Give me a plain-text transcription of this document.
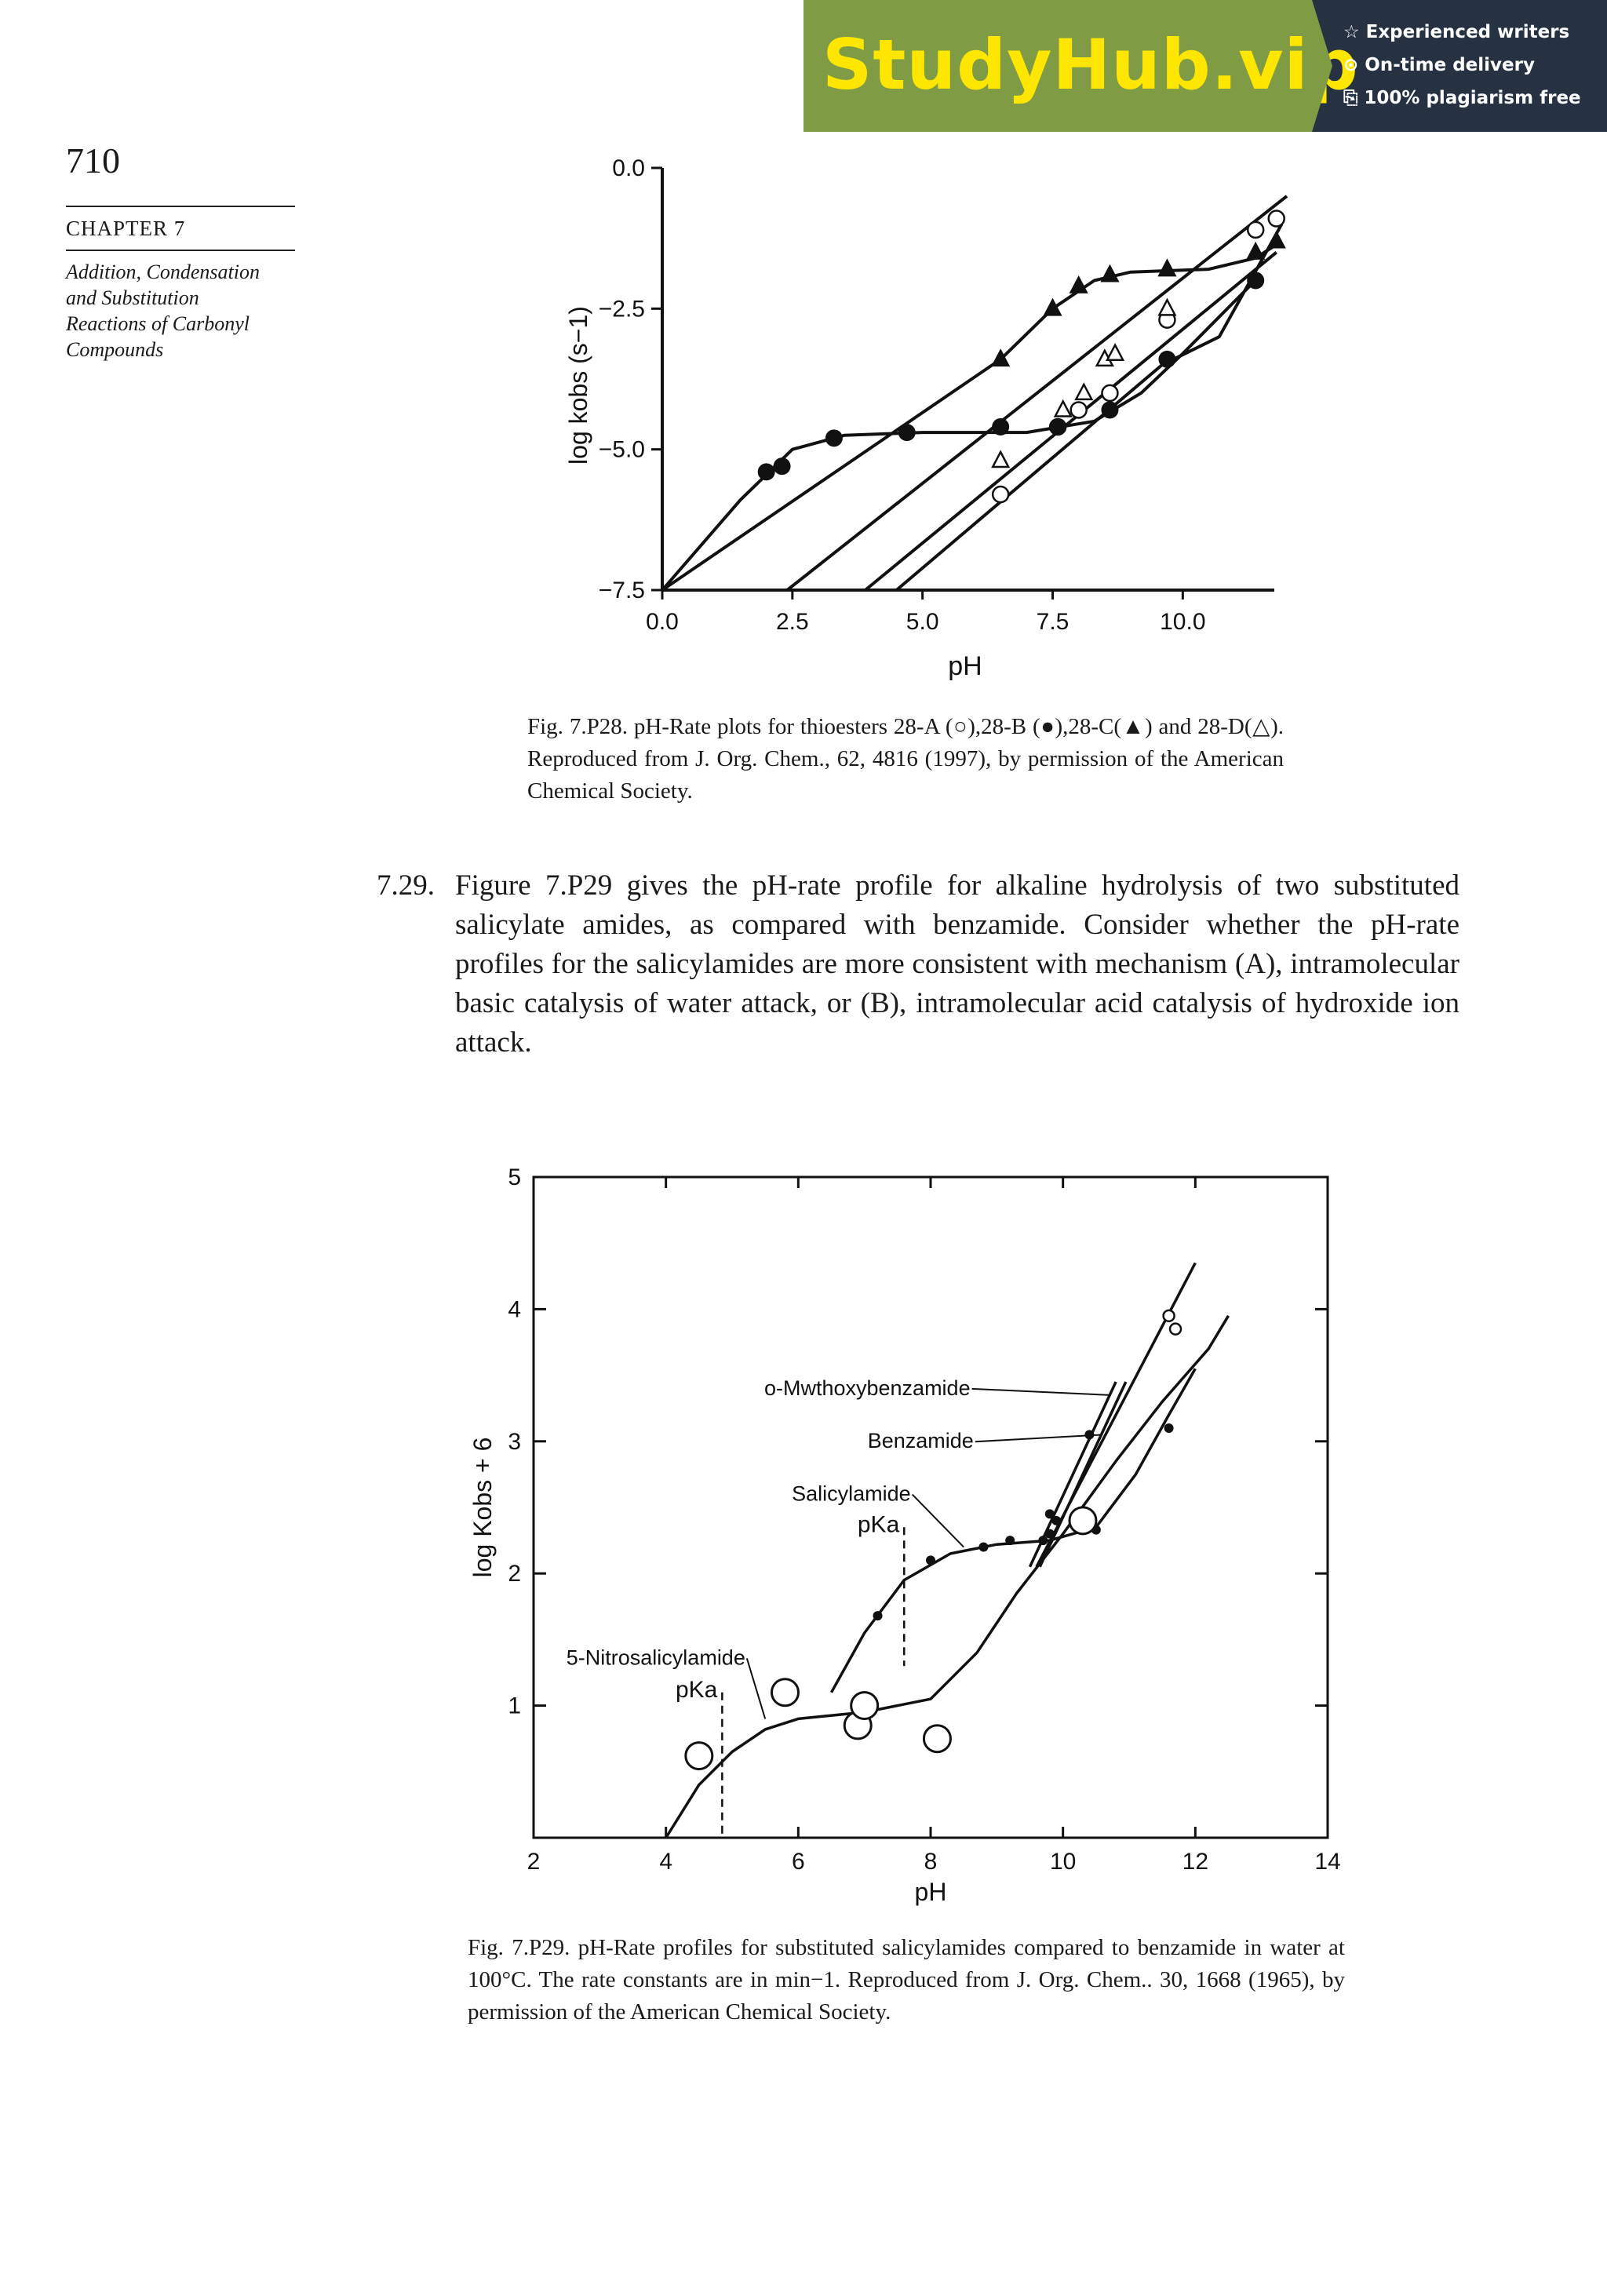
StudyHub.vip
☆ Experienced writers
⊙ On-time delivery
⎘ 100% plagiarism free
710
CHAPTER 7
Addition, Condensation
and Substitution
Reactions of Carbonyl
Compounds
0.0	2.5	5.0	7.5	10.0
0.0
−2.5
−5.0
−7.5
pH
log kobs (s−1)
Fig. 7.P28. pH-Rate plots for thioesters 28-A (○),28-B (●),28-C(▲) and 28-D(△). Reproduced from J. Org. Chem., 62, 4816 (1997), by permission of the American Chemical Society.
7.29. Figure 7.P29 gives the pH-rate profile for alkaline hydrolysis of two substituted salicylate amides, as compared with benzamide. Consider whether the pH-rate profiles for the salicylamides are more consistent with mechanism (A), intramolecular basic catalysis of water attack, or (B), intramolecular acid catalysis of hydroxide ion attack.
2	4	6	8	10	12	14
1
2
3
4
5
pH
log Kobs + 6
o-Mwthoxybenzamide
Benzamide
Salicylamide
5-Nitrosalicylamide
pKa
pKa
Fig. 7.P29. pH-Rate profiles for substituted salicylamides compared to benzamide in water at 100°C. The rate constants are in min−1. Reproduced from J. Org. Chem.. 30, 1668 (1965), by permission of the American Chemical Society.
